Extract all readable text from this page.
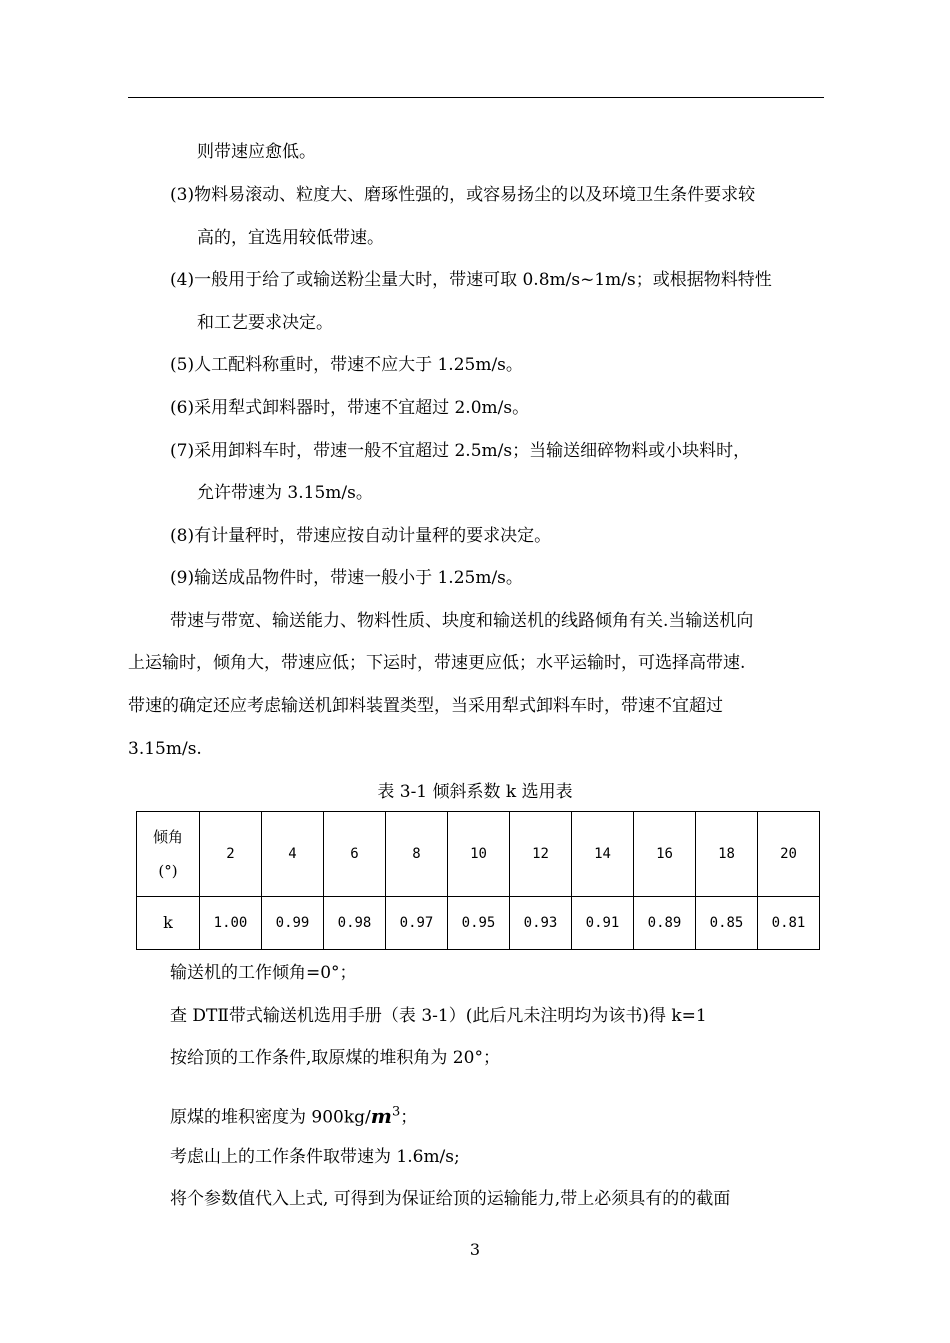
则带速应愈低。
(3)物料易滚动、粒度大、磨琢性强的，或容易扬尘的以及环境卫生条件要求较
高的，宜选用较低带速。
(4)一般用于给了或输送粉尘量大时，带速可取 0.8m/s~1m/s；或根据物料特性
和工艺要求决定。
(5)人工配料称重时，带速不应大于 1.25m/s。
(6)采用犁式卸料器时，带速不宜超过 2.0m/s。
(7)采用卸料车时，带速一般不宜超过 2.5m/s；当输送细碎物料或小块料时，
允许带速为 3.15m/s。
(8)有计量秤时，带速应按自动计量秤的要求决定。
(9)输送成品物件时，带速一般小于 1.25m/s。
带速与带宽、输送能力、物料性质、块度和输送机的线路倾角有关.当输送机向
上运输时，倾角大，带速应低；下运时，带速更应低；水平运输时，可选择高带速.
带速的确定还应考虑输送机卸料装置类型，当采用犁式卸料车时，带速不宜超过
3.15m/s.
表 3-1 倾斜系数 k 选用表
倾角
(°)	2	4	6	8	10	12	14	16	18	20
k	1.00	0.99	0.98	0.97	0.95	0.93	0.91	0.89	0.85	0.81
输送机的工作倾角=0°；
查 DTⅡ带式输送机选用手册（表 3-1）(此后凡未注明均为该书)得 k=1
按给顶的工作条件,取原煤的堆积角为 20°；
原煤的堆积密度为 $900kg/m^3$；
考虑山上的工作条件取带速为 1.6m/s;
将个参数值代入上式, 可得到为保证给顶的运输能力,带上必须具有的的截面
3
